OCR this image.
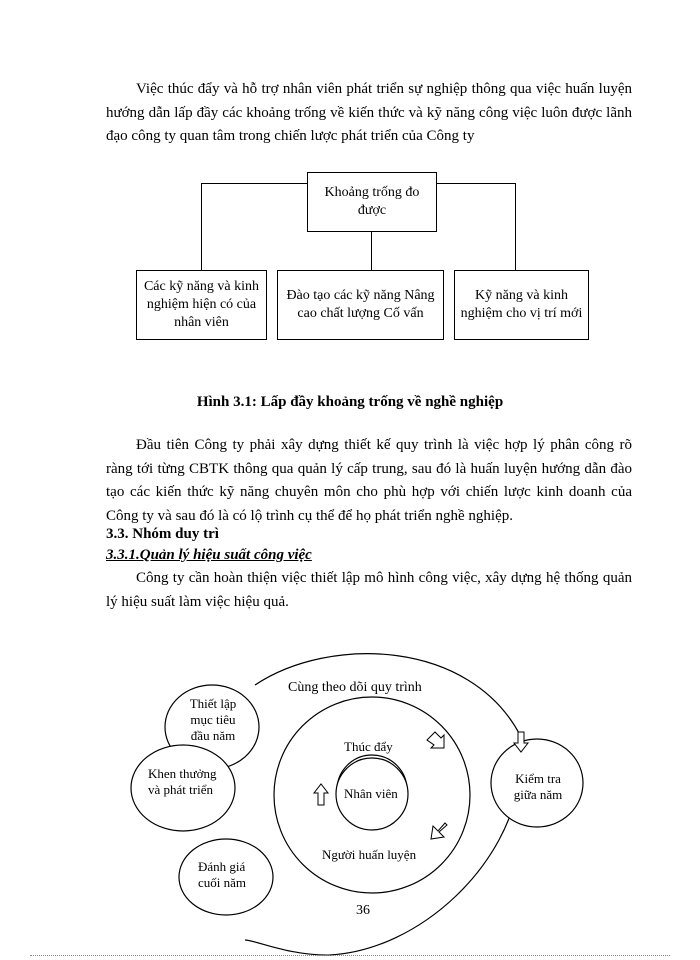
Việc thúc đẩy và hỗ trợ nhân viên phát triển sự nghiệp thông qua việc huấn luyện hướng dẫn lấp đầy các khoảng trống về kiến thức và kỹ năng công việc luôn được lãnh đạo công ty quan tâm trong chiến lược phát triển của Công ty

Khoảng trống đo được
Các kỹ năng và kinh nghiệm hiện có của nhân viên
Đào tạo các kỹ năng Nâng cao chất lượng Cố vấn
Kỹ năng và kinh nghiệm cho vị trí mới
Hình 3.1: Lấp đầy khoảng trống về nghề nghiệp

Đầu tiên Công ty phải xây dựng thiết kế quy trình là việc hợp lý phân công rõ ràng tới từng CBTK thông qua quản lý cấp trung, sau đó là huấn luyện hướng dẫn đào tạo các kiến thức kỹ năng chuyên môn cho phù hợp với chiến lược kinh doanh của Công ty và sau đó là có lộ trình cụ thể để họ phát triển nghề nghiệp.

3.3. Nhóm duy trì
3.3.1.Quản lý hiệu suất công việc

Công ty cần hoàn thiện việc thiết lập mô hình công việc, xây dựng hệ thống quản lý hiệu suất làm việc hiệu quả.

Cùng theo dõi quy trình
Thiết lập mục tiêu đầu năm
Khen thưởng và phát triển
Đánh giá cuối năm
Kiểm tra giữa năm
Thúc đẩy
Người huấn luyện
Nhân viên
36
